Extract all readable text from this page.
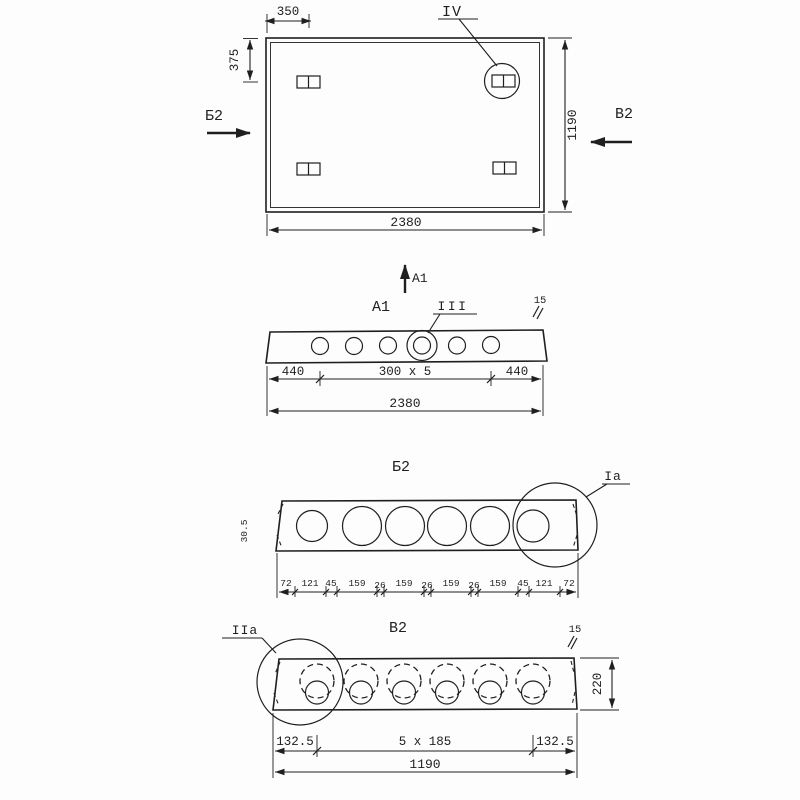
IV
350
375
1190
2380
Б2	В2
A1
A1	III	15
440	300 x 5	440
2380
Б2
Ia
30.5
72 121 45 159 26 159 26 159 26 159 45 121 72
IIа	В2	15
220
132.5	5 x 185	132.5
1190
